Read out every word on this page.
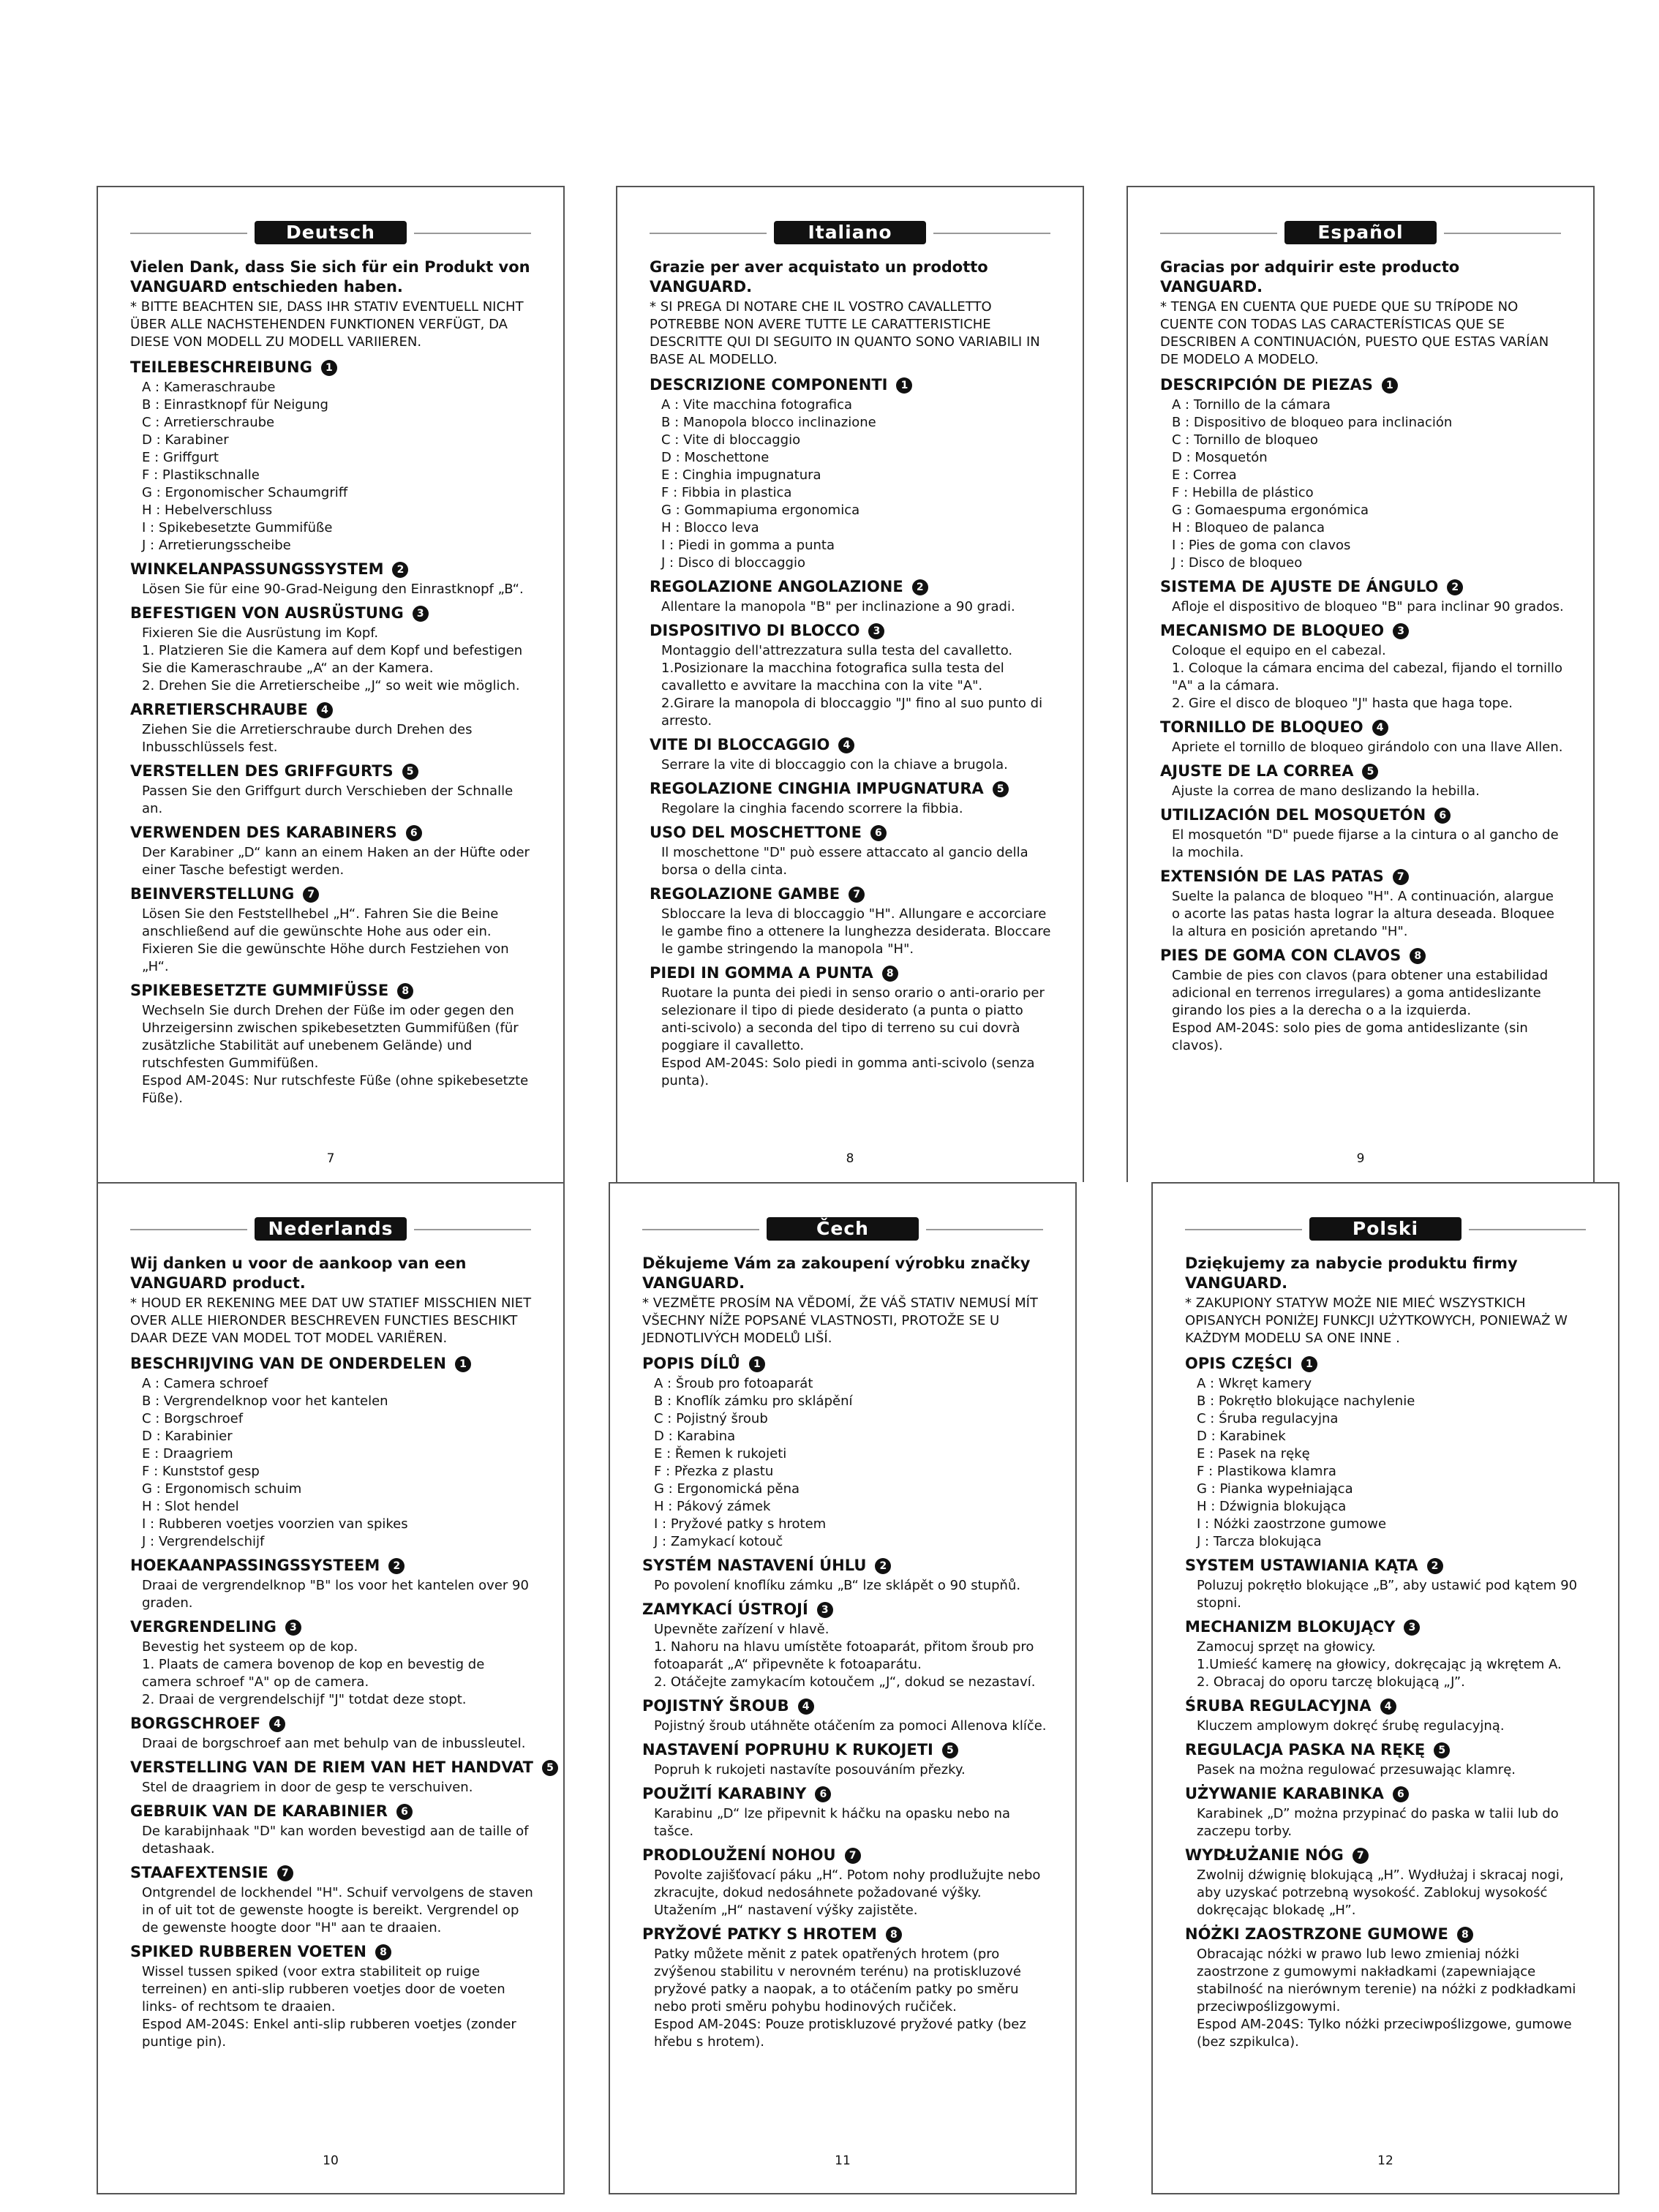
Deutsch

Vielen Dank, dass Sie sich für ein Produkt von VANGUARD entschieden haben.

* BITTE BEACHTEN SIE, DASS IHR STATIV EVENTUELL NICHT ÜBER ALLE NACHSTEHENDEN FUNKTIONEN VERFÜGT, DA DIESE VON MODELL ZU MODELL VARIIEREN.

TEILEBESCHREIBUNG 1
A : Kameraschraube
B : Einrastknopf für Neigung
C : Arretierschraube
D : Karabiner
E : Griffgurt
F : Plastikschnalle
G : Ergonomischer Schaumgriff
H : Hebelverschluss
I : Spikebesetzte Gummifüße
J : Arretierungsscheibe
WINKELANPASSUNGSSYSTEM 2

Lösen Sie für eine 90-Grad-Neigung den Einrastknopf „B“.

BEFESTIGEN VON AUSRÜSTUNG 3

Fixieren Sie die Ausrüstung im Kopf.
1. Platzieren Sie die Kamera auf dem Kopf und befestigen Sie die Kameraschraube „A“ an der Kamera.
2. Drehen Sie die Arretierscheibe „J“ so weit wie möglich.

ARRETIERSCHRAUBE 4

Ziehen Sie die Arretierschraube durch Drehen des Inbusschlüssels fest.

VERSTELLEN DES GRIFFGURTS 5

Passen Sie den Griffgurt durch Verschieben der Schnalle an.

VERWENDEN DES KARABINERS 6

Der Karabiner „D“ kann an einem Haken an der Hüfte oder einer Tasche befestigt werden.

BEINVERSTELLUNG 7

Lösen Sie den Feststellhebel „H“. Fahren Sie die Beine anschließend auf die gewünschte Hohe aus oder ein. Fixieren Sie die gewünschte Höhe durch Festziehen von „H“.

SPIKEBESETZTE GUMMIFÜSSE 8

Wechseln Sie durch Drehen der Füße im oder gegen den Uhrzeigersinn zwischen spikebesetzten Gummifüßen (für zusätzliche Stabilität auf unebenem Gelände) und rutschfesten Gummifüßen.
Espod AM-204S: Nur rutschfeste Füße (ohne spikebesetzte Füße).

7
Italiano

Grazie per aver acquistato un prodotto VANGUARD.

* SI PREGA DI NOTARE CHE IL VOSTRO CAVALLETTO POTREBBE NON AVERE TUTTE LE CARATTERISTICHE DESCRITTE QUI DI SEGUITO IN QUANTO SONO VARIABILI IN BASE AL MODELLO.

DESCRIZIONE COMPONENTI 1
A : Vite macchina fotografica
B : Manopola blocco inclinazione
C : Vite di bloccaggio
D : Moschettone
E : Cinghia impugnatura
F : Fibbia in plastica
G : Gommapiuma ergonomica
H : Blocco leva
I : Piedi in gomma a punta
J : Disco di bloccaggio
REGOLAZIONE ANGOLAZIONE 2

Allentare la manopola "B" per inclinazione a 90 gradi.

DISPOSITIVO DI BLOCCO 3

Montaggio dell'attrezzatura sulla testa del cavalletto.
1.Posizionare la macchina fotografica sulla testa del cavalletto e avvitare la macchina con la vite "A".
2.Girare la manopola di bloccaggio "J" fino al suo punto di arresto.

VITE DI BLOCCAGGIO 4

Serrare la vite di bloccaggio con la chiave a brugola.

REGOLAZIONE CINGHIA IMPUGNATURA 5

Regolare la cinghia facendo scorrere la fibbia.

USO DEL MOSCHETTONE 6

Il moschettone "D" può essere attaccato al gancio della borsa o della cinta.

REGOLAZIONE GAMBE 7

Sbloccare la leva di bloccaggio "H". Allungare e accorciare le gambe fino a ottenere la lunghezza desiderata. Bloccare le gambe stringendo la manopola "H".

PIEDI IN GOMMA A PUNTA 8

Ruotare la punta dei piedi in senso orario o anti-orario per selezionare il tipo di piede desiderato (a punta o piatto anti-scivolo) a seconda del tipo di terreno su cui dovrà poggiare il cavalletto.
Espod AM-204S: Solo piedi in gomma anti-scivolo (senza punta).

8
Español

Gracias por adquirir este producto VANGUARD.

* TENGA EN CUENTA QUE PUEDE QUE SU TRÍPODE NO CUENTE CON TODAS LAS CARACTERÍSTICAS QUE SE DESCRIBEN A CONTINUACIÓN, PUESTO QUE ESTAS VARÍAN DE MODELO A MODELO.

DESCRIPCIÓN DE PIEZAS 1
A : Tornillo de la cámara
B : Dispositivo de bloqueo para inclinación
C : Tornillo de bloqueo
D : Mosquetón
E : Correa
F : Hebilla de plástico
G : Gomaespuma ergonómica
H : Bloqueo de palanca
I : Pies de goma con clavos
J : Disco de bloqueo
SISTEMA DE AJUSTE DE ÁNGULO 2

Afloje el dispositivo de bloqueo "B" para inclinar 90 grados.

MECANISMO DE BLOQUEO 3

Coloque el equipo en el cabezal.
1. Coloque la cámara encima del cabezal, fijando el tornillo "A" a la cámara.
2. Gire el disco de bloqueo "J" hasta que haga tope.

TORNILLO DE BLOQUEO 4

Apriete el tornillo de bloqueo girándolo con una llave Allen.

AJUSTE DE LA CORREA 5

Ajuste la correa de mano deslizando la hebilla.

UTILIZACIÓN DEL MOSQUETÓN 6

El mosquetón "D" puede fijarse a la cintura o al gancho de la mochila.

EXTENSIÓN DE LAS PATAS 7

Suelte la palanca de bloqueo "H". A continuación, alargue o acorte las patas hasta lograr la altura deseada. Bloquee la altura en posición apretando "H".

PIES DE GOMA CON CLAVOS 8

Cambie de pies con clavos (para obtener una estabilidad adicional en terrenos irregulares) a goma antideslizante girando los pies a la derecha o a la izquierda.
Espod AM-204S: solo pies de goma antideslizante (sin clavos).

9
Nederlands

Wij danken u voor de aankoop van een VANGUARD product.

* HOUD ER REKENING MEE DAT UW STATIEF MISSCHIEN NIET OVER ALLE HIERONDER BESCHREVEN FUNCTIES BESCHIKT DAAR DEZE VAN MODEL TOT MODEL VARIËREN.

BESCHRIJVING VAN DE ONDERDELEN 1
A : Camera schroef
B : Vergrendelknop voor het kantelen
C : Borgschroef
D : Karabinier
E : Draagriem
F : Kunststof gesp
G : Ergonomisch schuim
H : Slot hendel
I : Rubberen voetjes voorzien van spikes
J : Vergrendelschijf
HOEKAANPASSINGSSYSTEEM 2

Draai de vergrendelknop "B" los voor het kantelen over 90 graden.

VERGRENDELING 3

Bevestig het systeem op de kop.
1. Plaats de camera bovenop de kop en bevestig de camera schroef "A" op de camera.
2. Draai de vergrendelschijf "J" totdat deze stopt.

BORGSCHROEF 4

Draai de borgschroef aan met behulp van de inbussleutel.

VERSTELLING VAN DE RIEM VAN HET HANDVAT 5

Stel de draagriem in door de gesp te verschuiven.

GEBRUIK VAN DE KARABINIER 6

De karabijnhaak "D" kan worden bevestigd aan de taille of detashaak.

STAAFEXTENSIE 7

Ontgrendel de lockhendel "H". Schuif vervolgens de staven in of uit tot de gewenste hoogte is bereikt. Vergrendel op de gewenste hoogte door "H" aan te draaien.

SPIKED RUBBEREN VOETEN 8

Wissel tussen spiked (voor extra stabiliteit op ruige terreinen) en anti-slip rubberen voetjes door de voeten links- of rechtsom te draaien.
Espod AM-204S: Enkel anti-slip rubberen voetjes (zonder puntige pin).

10
Čech

Děkujeme Vám za zakoupení výrobku značky VANGUARD.

* VEZMĚTE PROSÍM NA VĚDOMÍ, ŽE VÁŠ STATIV NEMUSÍ MÍT VŠECHNY NÍŽE POPSANÉ VLASTNOSTI, PROTOŽE SE U JEDNOTLIVÝCH MODELŮ LIŠÍ.

POPIS DÍLŮ 1
A : Šroub pro fotoaparát
B : Knoflík zámku pro sklápění
C : Pojistný šroub
D : Karabina
E : Řemen k rukojeti
F : Přezka z plastu
G : Ergonomická pěna
H : Pákový zámek
I : Pryžové patky s hrotem
J : Zamykací kotouč
SYSTÉM NASTAVENÍ ÚHLU 2

Po povolení knoflíku zámku „B“ lze sklápět o 90 stupňů.

ZAMYKACÍ ÚSTROJÍ 3

Upevněte zařízení v hlavě.
1. Nahoru na hlavu umístěte fotoaparát, přitom šroub pro fotoaparát „A“ připevněte k fotoaparátu.
2. Otáčejte zamykacím kotoučem „J“, dokud se nezastaví.

POJISTNÝ ŠROUB 4

Pojistný šroub utáhněte otáčením za pomoci Allenova klíče.

NASTAVENÍ POPRUHU K RUKOJETI 5

Popruh k rukojeti nastavíte posouváním přezky.

POUŽITÍ KARABINY 6

Karabinu „D“ lze připevnit k háčku na opasku nebo na tašce.

PRODLOUŽENÍ NOHOU 7

Povolte zajišťovací páku „H“. Potom nohy prodlužujte nebo zkracujte, dokud nedosáhnete požadované výšky. Utažením „H“ nastavení výšky zajistěte.

PRYŽOVÉ PATKY S HROTEM 8

Patky můžete měnit z patek opatřených hrotem (pro zvýšenou stabilitu v nerovném terénu) na protiskluzové pryžové patky a naopak, a to otáčením patky po směru nebo proti směru pohybu hodinových ručiček.
Espod AM-204S: Pouze protiskluzové pryžové patky (bez hřebu s hrotem).

11
Polski

Dziękujemy za nabycie produktu firmy VANGUARD.

* ZAKUPIONY STATYW MOŻE NIE MIEĆ WSZYSTKICH OPISANYCH PONIŻEJ FUNKCJI UŻYTKOWYCH, PONIEWAŻ W KAŻDYM MODELU SA ONE INNE .

OPIS CZĘŚCI 1
A : Wkręt kamery
B : Pokrętło blokujące nachylenie
C : Śruba regulacyjna
D : Karabinek
E : Pasek na rękę
F : Plastikowa klamra
G : Pianka wypełniająca
H : Dźwignia blokująca
I : Nóżki zaostrzone gumowe
J : Tarcza blokująca
SYSTEM USTAWIANIA KĄTA 2

Poluzuj pokrętło blokujące „B”, aby ustawić pod kątem 90 stopni.

MECHANIZM BLOKUJĄCY 3

Zamocuj sprzęt na głowicy.
1.Umieść kamerę na głowicy, dokręcając ją wkrętem A.
2. Obracaj do oporu tarczę blokującą „J”.

ŚRUBA REGULACYJNA 4

Kluczem amplowym dokręć śrubę regulacyjną.

REGULACJA PASKA NA RĘKĘ 5

Pasek na można regulować przesuwając klamrę.

UŻYWANIE KARABINKA 6

Karabinek „D” można przypinać do paska w talii lub do zaczepu torby.

WYDŁUŻANIE NÓG 7

Zwolnij dźwignię blokującą „H”. Wydłużaj i skracaj nogi, aby uzyskać potrzebną wysokość. Zablokuj wysokość dokręcając blokadę „H”.

NÓŻKI ZAOSTRZONE GUMOWE 8

Obracając nóżki w prawo lub lewo zmieniaj nóżki zaostrzone z gumowymi nakładkami (zapewniające stabilność na nierównym terenie) na nóżki z podkładkami przeciwpoślizgowymi.
Espod AM-204S: Tylko nóżki przeciwpoślizgowe, gumowe (bez szpikulca).

12
